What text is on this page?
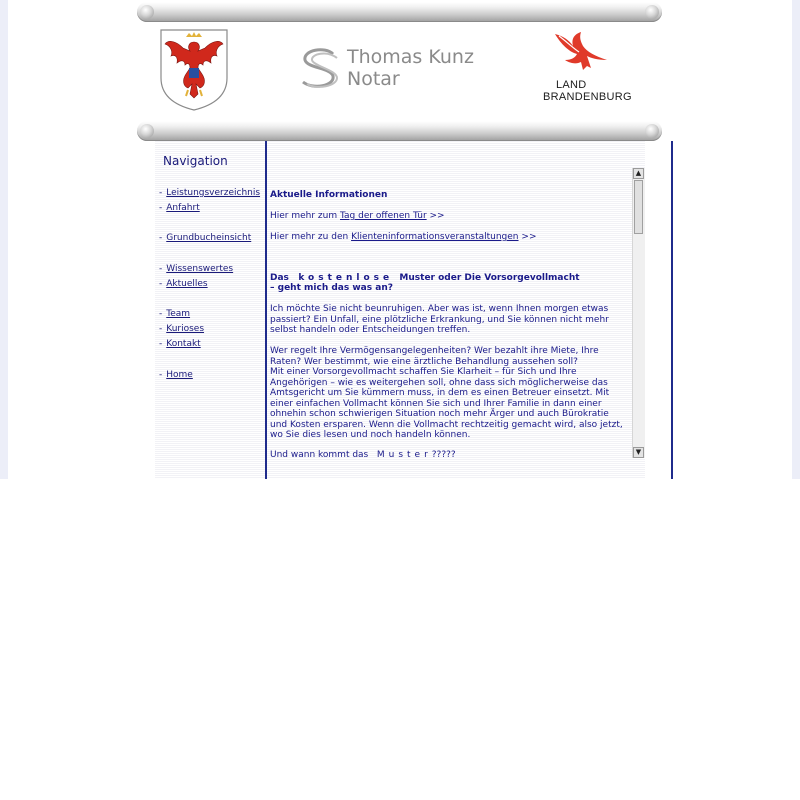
Thomas Kunz
Notar	LAND
BRANDENBURG
Navigation
- Leistungsverzeichnis
- Anfahrt
- Grundbucheinsicht
- Wissenswertes
- Aktuelles
- Team
- Kurioses
- Kontakt
- Home
Aktuelle Informationen
Hier mehr zum Tag der offenen Tür >>
Hier mehr zu den Klienteninformationsveranstaltungen >>
Das kostenlose Muster oder Die Vorsorgevollmacht
– geht mich das was an?
Ich möchte Sie nicht beunruhigen. Aber was ist, wenn Ihnen morgen etwas
passiert? Ein Unfall, eine plötzliche Erkrankung, und Sie können nicht mehr
selbst handeln oder Entscheidungen treffen.
Wer regelt Ihre Vermögensangelegenheiten? Wer bezahlt ihre Miete, Ihre
Raten? Wer bestimmt, wie eine ärztliche Behandlung aussehen soll?
Mit einer Vorsorgevollmacht schaffen Sie Klarheit – für Sich und Ihre
Angehörigen – wie es weitergehen soll, ohne dass sich möglicherweise das
Amtsgericht um Sie kümmern muss, in dem es einen Betreuer einsetzt. Mit
einer einfachen Vollmacht können Sie sich und Ihrer Familie in dann einer
ohnehin schon schwierigen Situation noch mehr Ärger und auch Bürokratie
und Kosten ersparen. Wenn die Vollmacht rechtzeitig gemacht wird, also jetzt,
wo Sie dies lesen und noch handeln können.
Und wann kommt das Muster?????
▲
▼
